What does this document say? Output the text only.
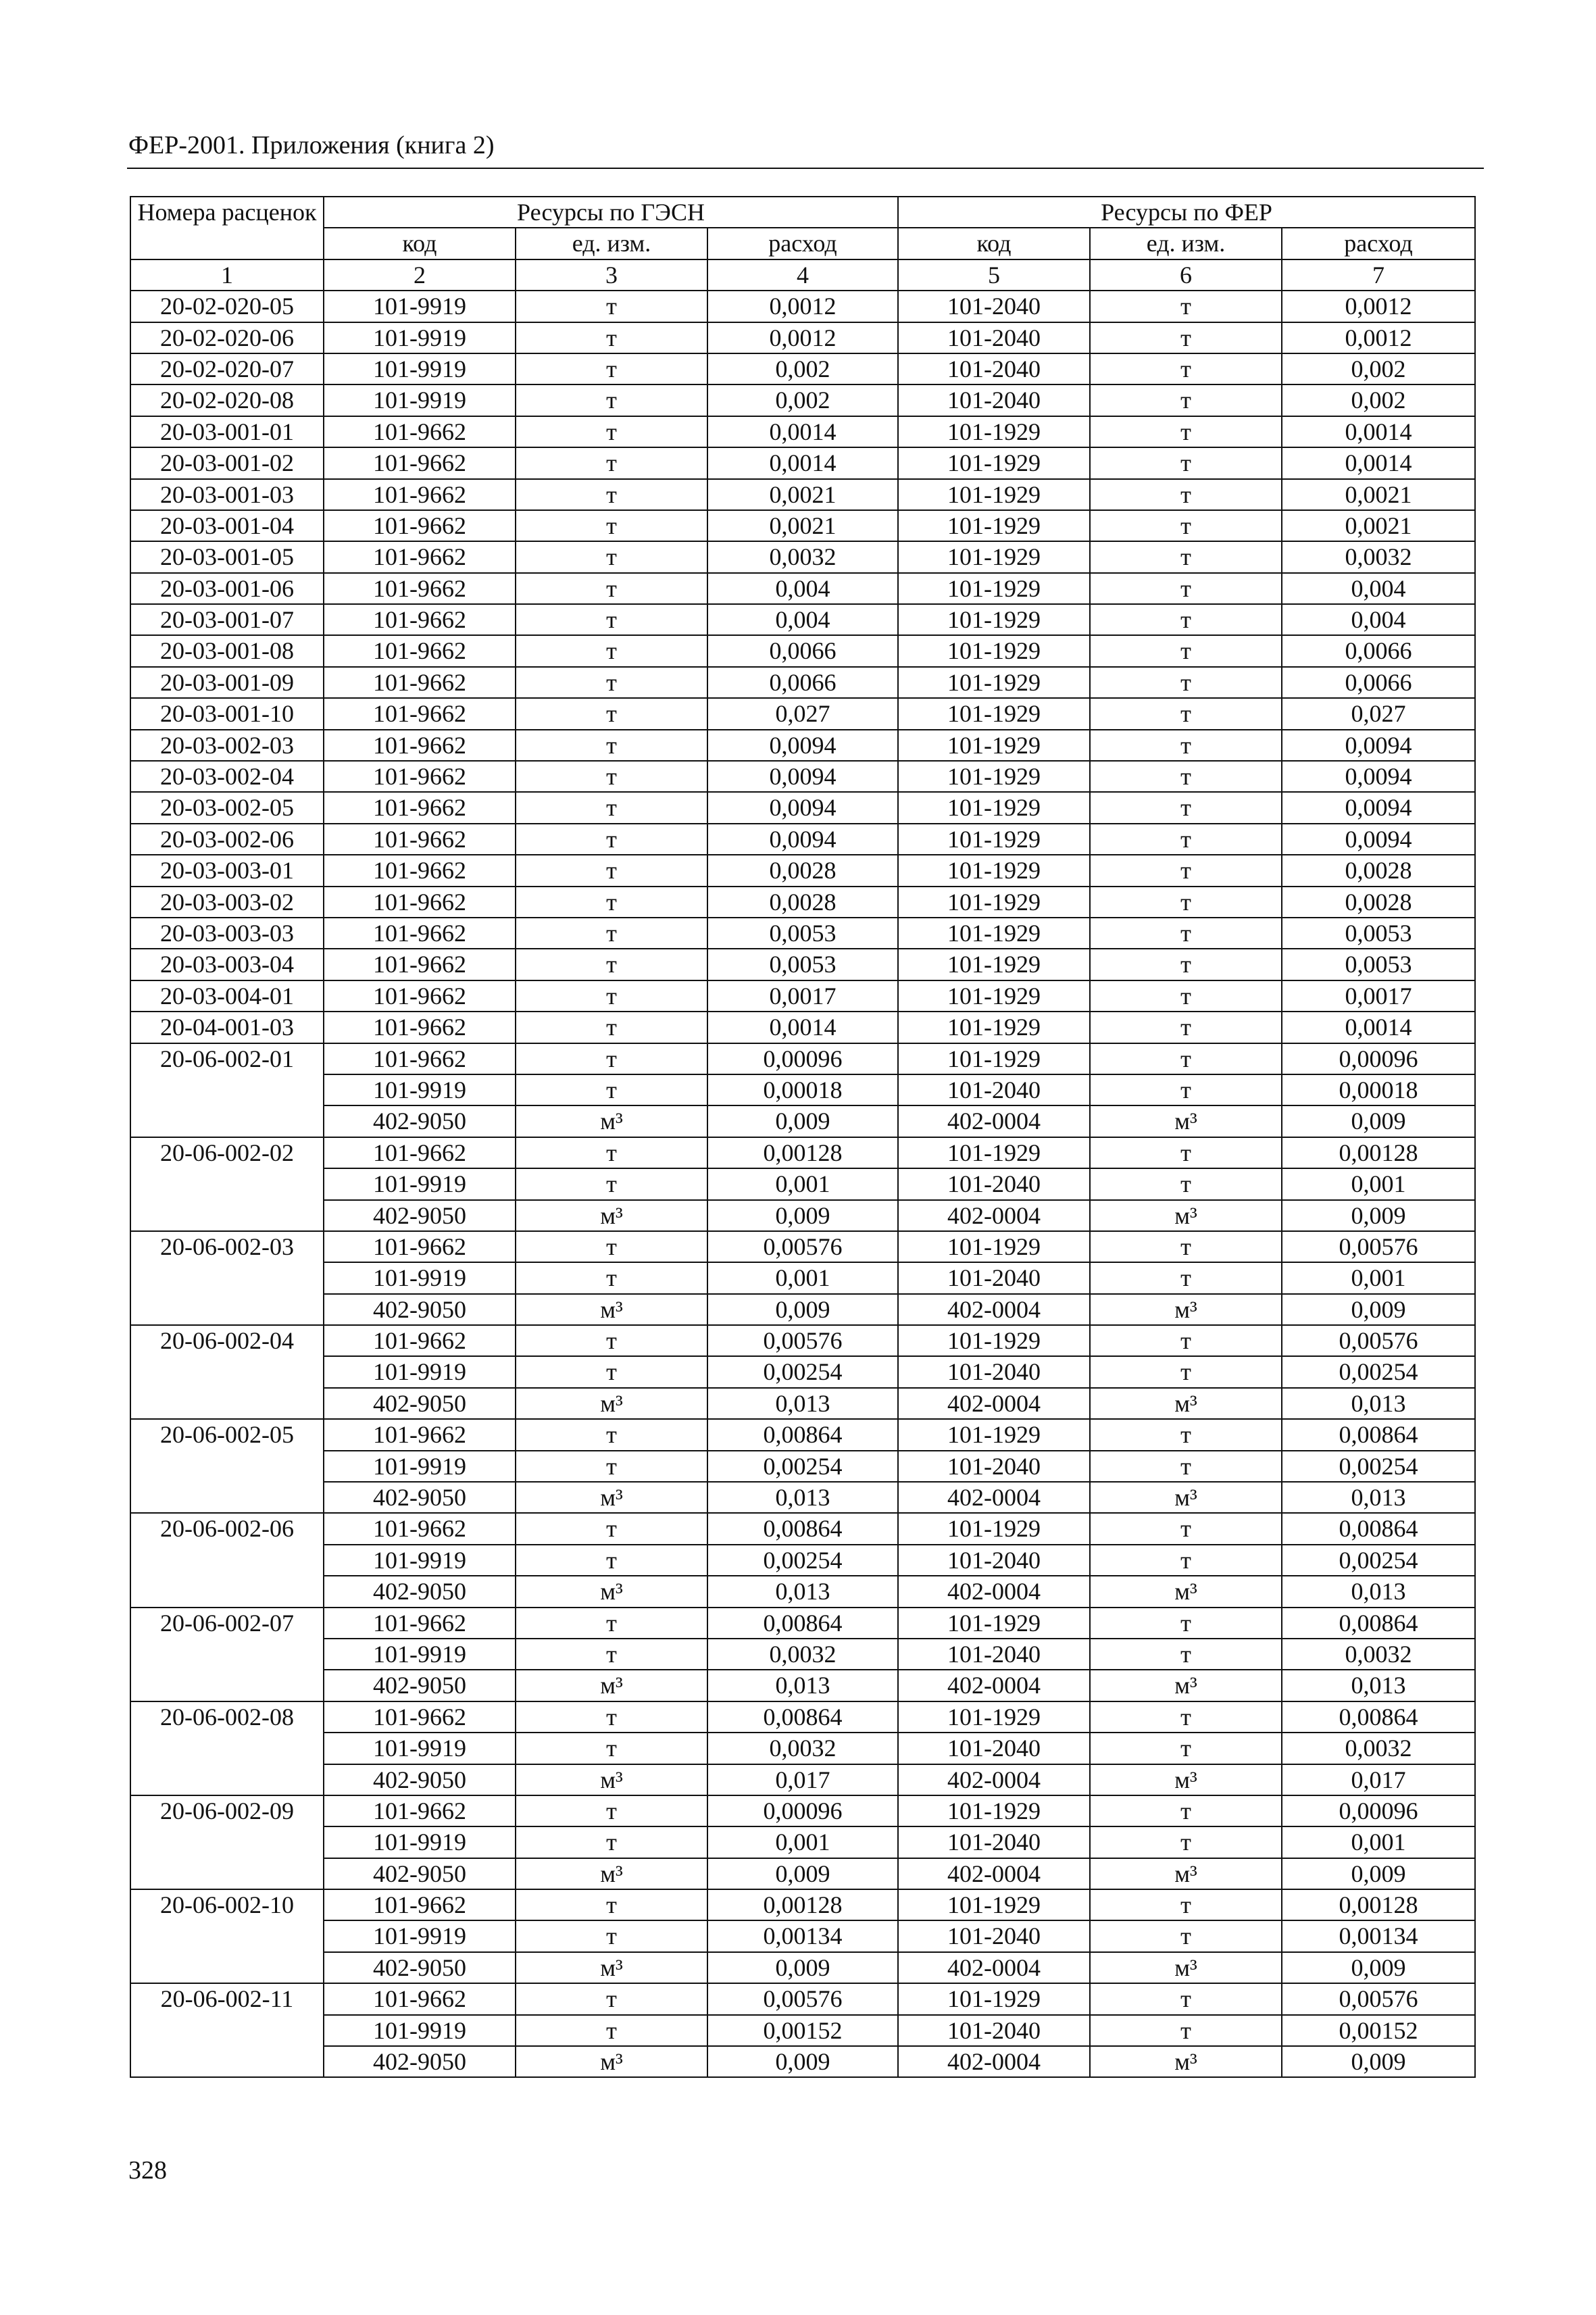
ФЕР-2001. Приложения (книга 2)
Номера расценок	Ресурсы по ГЭСН			Ресурсы по ФЕР		
	код	ед. изм.	расход	код	ед. изм.	расход
1	2	3	4	5	6	7
20-02-020-05	101-9919	т	0,0012	101-2040	т	0,0012
20-02-020-06	101-9919	т	0,0012	101-2040	т	0,0012
20-02-020-07	101-9919	т	0,002	101-2040	т	0,002
20-02-020-08	101-9919	т	0,002	101-2040	т	0,002
20-03-001-01	101-9662	т	0,0014	101-1929	т	0,0014
20-03-001-02	101-9662	т	0,0014	101-1929	т	0,0014
20-03-001-03	101-9662	т	0,0021	101-1929	т	0,0021
20-03-001-04	101-9662	т	0,0021	101-1929	т	0,0021
20-03-001-05	101-9662	т	0,0032	101-1929	т	0,0032
20-03-001-06	101-9662	т	0,004	101-1929	т	0,004
20-03-001-07	101-9662	т	0,004	101-1929	т	0,004
20-03-001-08	101-9662	т	0,0066	101-1929	т	0,0066
20-03-001-09	101-9662	т	0,0066	101-1929	т	0,0066
20-03-001-10	101-9662	т	0,027	101-1929	т	0,027
20-03-002-03	101-9662	т	0,0094	101-1929	т	0,0094
20-03-002-04	101-9662	т	0,0094	101-1929	т	0,0094
20-03-002-05	101-9662	т	0,0094	101-1929	т	0,0094
20-03-002-06	101-9662	т	0,0094	101-1929	т	0,0094
20-03-003-01	101-9662	т	0,0028	101-1929	т	0,0028
20-03-003-02	101-9662	т	0,0028	101-1929	т	0,0028
20-03-003-03	101-9662	т	0,0053	101-1929	т	0,0053
20-03-003-04	101-9662	т	0,0053	101-1929	т	0,0053
20-03-004-01	101-9662	т	0,0017	101-1929	т	0,0017
20-04-001-03	101-9662	т	0,0014	101-1929	т	0,0014
20-06-002-01	101-9662	т	0,00096	101-1929	т	0,00096
	101-9919	т	0,00018	101-2040	т	0,00018
	402-9050	м³	0,009	402-0004	м³	0,009
20-06-002-02	101-9662	т	0,00128	101-1929	т	0,00128
	101-9919	т	0,001	101-2040	т	0,001
	402-9050	м³	0,009	402-0004	м³	0,009
20-06-002-03	101-9662	т	0,00576	101-1929	т	0,00576
	101-9919	т	0,001	101-2040	т	0,001
	402-9050	м³	0,009	402-0004	м³	0,009
20-06-002-04	101-9662	т	0,00576	101-1929	т	0,00576
	101-9919	т	0,00254	101-2040	т	0,00254
	402-9050	м³	0,013	402-0004	м³	0,013
20-06-002-05	101-9662	т	0,00864	101-1929	т	0,00864
	101-9919	т	0,00254	101-2040	т	0,00254
	402-9050	м³	0,013	402-0004	м³	0,013
20-06-002-06	101-9662	т	0,00864	101-1929	т	0,00864
	101-9919	т	0,00254	101-2040	т	0,00254
	402-9050	м³	0,013	402-0004	м³	0,013
20-06-002-07	101-9662	т	0,00864	101-1929	т	0,00864
	101-9919	т	0,0032	101-2040	т	0,0032
	402-9050	м³	0,013	402-0004	м³	0,013
20-06-002-08	101-9662	т	0,00864	101-1929	т	0,00864
	101-9919	т	0,0032	101-2040	т	0,0032
	402-9050	м³	0,017	402-0004	м³	0,017
20-06-002-09	101-9662	т	0,00096	101-1929	т	0,00096
	101-9919	т	0,001	101-2040	т	0,001
	402-9050	м³	0,009	402-0004	м³	0,009
20-06-002-10	101-9662	т	0,00128	101-1929	т	0,00128
	101-9919	т	0,00134	101-2040	т	0,00134
	402-9050	м³	0,009	402-0004	м³	0,009
20-06-002-11	101-9662	т	0,00576	101-1929	т	0,00576
	101-9919	т	0,00152	101-2040	т	0,00152
	402-9050	м³	0,009	402-0004	м³	0,009
328
